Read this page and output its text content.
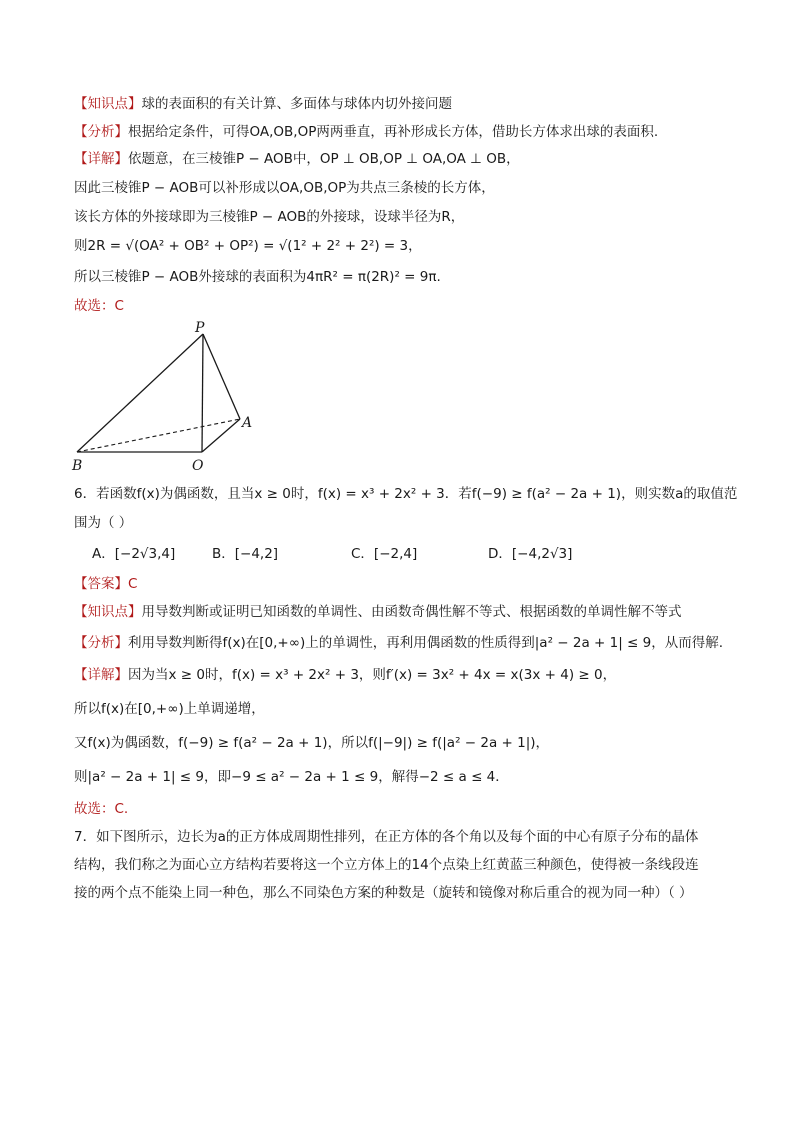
【知识点】球的表面积的有关计算、多面体与球体内切外接问题
【分析】根据给定条件，可得OA,OB,OP两两垂直，再补形成长方体，借助长方体求出球的表面积.
【详解】依题意，在三棱锥P − AOB中，OP ⊥ OB,OP ⊥ OA,OA ⊥ OB，
因此三棱锥P − AOB可以补形成以OA,OB,OP为共点三条棱的长方体，
该长方体的外接球即为三棱锥P − AOB的外接球，设球半径为R，
则2R = √(OA² + OB² + OP²) = √(1² + 2² + 2²) = 3，
所以三棱锥P − AOB外接球的表面积为4πR² = π(2R)² = 9π.
故选：C
P
A
B	O
6．若函数f(x)为偶函数，且当x ≥ 0时，f(x) = x³ + 2x² + 3．若f(−9) ≥ f(a² − 2a + 1)，则实数a的取值范
围为（ ）
A．[−2√3,4]	B．[−4,2]	C．[−2,4]	D．[−4,2√3]
【答案】C
【知识点】用导数判断或证明已知函数的单调性、由函数奇偶性解不等式、根据函数的单调性解不等式
【分析】利用导数判断得f(x)在[0,+∞)上的单调性，再利用偶函数的性质得到|a² − 2a + 1| ≤ 9，从而得解.
【详解】因为当x ≥ 0时，f(x) = x³ + 2x² + 3，则f′(x) = 3x² + 4x = x(3x + 4) ≥ 0，
所以f(x)在[0,+∞)上单调递增，
又f(x)为偶函数，f(−9) ≥ f(a² − 2a + 1)，所以f(|−9|) ≥ f(|a² − 2a + 1|)，
则|a² − 2a + 1| ≤ 9，即−9 ≤ a² − 2a + 1 ≤ 9，解得−2 ≤ a ≤ 4．
故选：C.
7．如下图所示，边长为a的正方体成周期性排列，在正方体的各个角以及每个面的中心有原子分布的晶体
结构，我们称之为面心立方结构若要将这一个立方体上的14个点染上红黄蓝三种颜色，使得被一条线段连
接的两个点不能染上同一种色，那么不同染色方案的种数是（旋转和镜像对称后重合的视为同一种）（ ）
